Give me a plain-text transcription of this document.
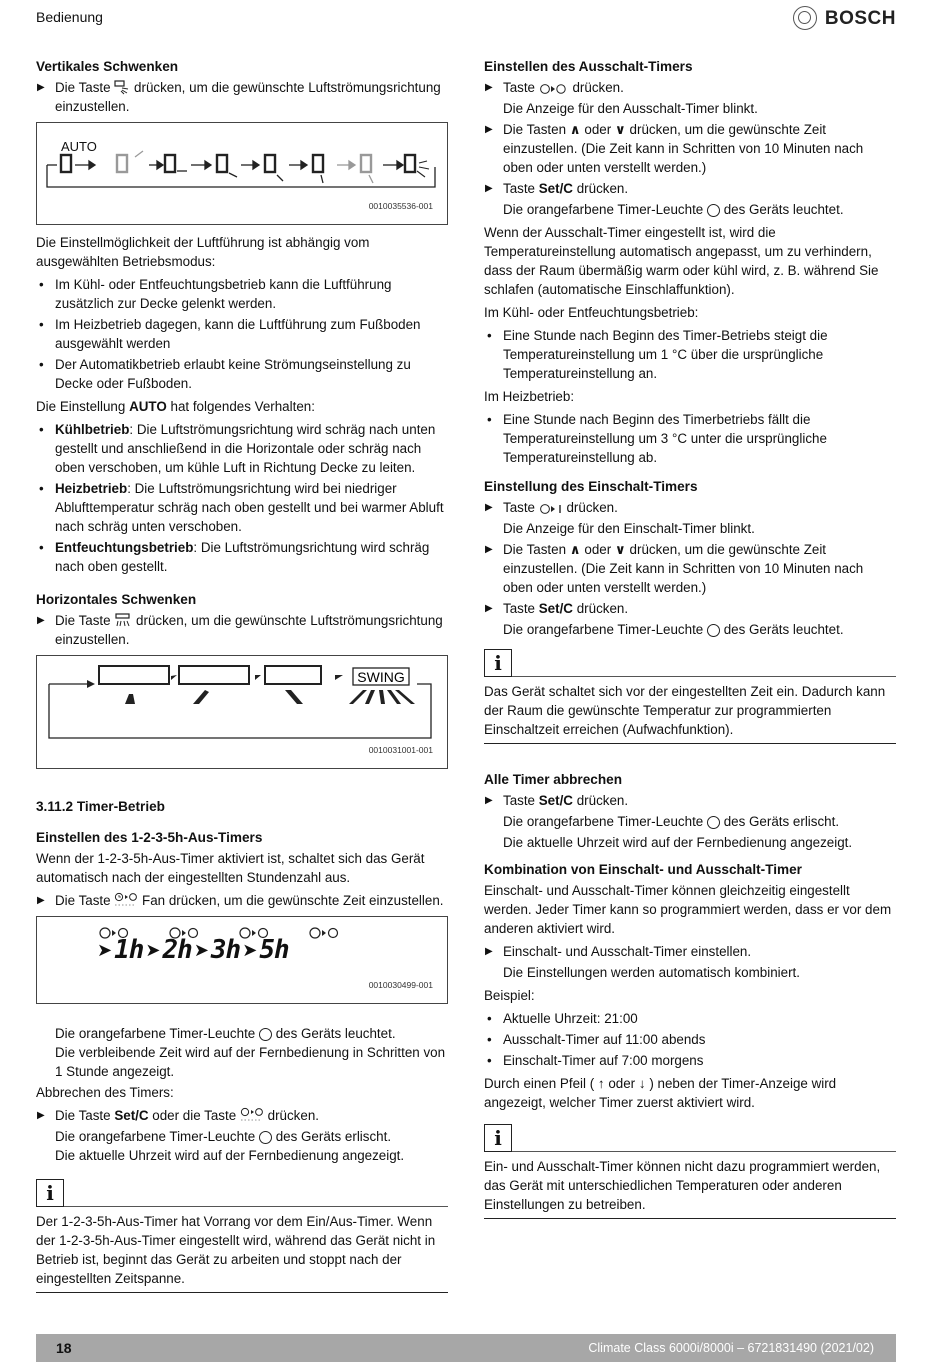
Bedienung	BOSCH
Vertikales Schwenken
▶ Die Taste drücken, um die gewünschte Luftströmungsrichtung einzustellen.
AUTO
0010035536-001

Die Einstellmöglichkeit der Luftführung ist abhängig vom ausgewählten Betriebsmodus:

• Im Kühl- oder Entfeuchtungsbetrieb kann die Luftführung zusätzlich zur Decke gelenkt werden.
• Im Heizbetrieb dagegen, kann die Luftführung zum Fußboden ausgewählt werden
• Der Automatikbetrieb erlaubt keine Strömungseinstellung zu Decke oder Fußboden.

Die Einstellung AUTO hat folgendes Verhalten:

• Kühlbetrieb: Die Luftströmungsrichtung wird schräg nach unten gestellt und anschließend in die Horizontale oder schräg nach oben verschoben, um kühle Luft in Richtung Decke zu leiten.
• Heizbetrieb: Die Luftströmungsrichtung wird bei niedriger Ablufttemperatur schräg nach oben gestellt und bei warmer Abluft nach schräg unten verschoben.
• Entfeuchtungsbetrieb: Die Luftströmungsrichtung wird schräg nach oben gestellt.
Horizontales Schwenken
▶ Die Taste drücken, um die gewünschte Luftströmungsrichtung einzustellen.
SWING
0010031001-001
3.11.2 Timer-Betrieb
Einstellen des 1-2-3-5h-Aus-Timers

Wenn der 1-2-3-5h-Aus-Timer aktiviert ist, schaltet sich das Gerät automatisch nach der eingestellten Stundenzahl aus.

▶ Die Taste Fan drücken, um die gewünschte Zeit einzustellen.
➤ 1h ➤ 2h ➤ 3h ➤ 5h
0010030499-001
Die orangefarbene Timer-Leuchte des Geräts leuchtet.
Die verbleibende Zeit wird auf der Fernbedienung in Schritten von 1 Stunde angezeigt.

Abbrechen des Timers:

▶ Die Taste Set/C oder die Taste drücken.
Die orangefarbene Timer-Leuchte des Geräts erlischt.
Die aktuelle Uhrzeit wird auf der Fernbedienung angezeigt.
i
Der 1-2-3-5h-Aus-Timer hat Vorrang vor dem Ein/Aus-Timer. Wenn der 1-2-3-5h-Aus-Timer eingestellt wird, während das Gerät nicht in Betrieb ist, beginnt das Gerät zu arbeiten und stoppt nach der eingestellten Zeitspanne.
Einstellen des Ausschalt-Timers
▶ Taste	drücken.
Die Anzeige für den Ausschalt-Timer blinkt.
▶ Die Tasten ∧ oder ∨ drücken, um die gewünschte Zeit einzustellen. (Die Zeit kann in Schritten von 10 Minuten nach oben oder unten verstellt werden.)
▶ Taste Set/C drücken.
Die orangefarbene Timer-Leuchte des Geräts leuchtet.

Wenn der Ausschalt-Timer eingestellt ist, wird die Temperatureinstellung automatisch angepasst, um zu verhindern, dass der Raum übermäßig warm oder kühl wird, z. B. während Sie schlafen (automatische Einschlaffunktion).

Im Kühl- oder Entfeuchtungsbetrieb:

• Eine Stunde nach Beginn des Timer-Betriebs steigt die Temperatureinstellung um 1 °C über die ursprüngliche Temperatureinstellung an.

Im Heizbetrieb:

• Eine Stunde nach Beginn des Timerbetriebs fällt die Temperatureinstellung um 3 °C unter die ursprüngliche Temperatureinstellung ab.
Einstellung des Einschalt-Timers
▶ Taste drücken.
Die Anzeige für den Einschalt-Timer blinkt.
▶ Die Tasten ∧ oder ∨ drücken, um die gewünschte Zeit einzustellen. (Die Zeit kann in Schritten von 10 Minuten nach oben oder unten verstellt werden.)
▶ Taste Set/C drücken.
Die orangefarbene Timer-Leuchte des Geräts leuchtet.
i
Das Gerät schaltet sich vor der eingestellten Zeit ein. Dadurch kann der Raum die gewünschte Temperatur zur programmierten Einschaltzeit erreichen (Aufwachfunktion).
Alle Timer abbrechen
▶ Taste Set/C drücken.
Die orangefarbene Timer-Leuchte des Geräts erlischt.
Die aktuelle Uhrzeit wird auf der Fernbedienung angezeigt.
Kombination von Einschalt- und Ausschalt-Timer

Einschalt- und Ausschalt-Timer können gleichzeitig eingestellt werden. Jeder Timer kann so programmiert werden, dass er vor dem anderen aktiviert wird.

▶ Einschalt- und Ausschalt-Timer einstellen.
Die Einstellungen werden automatisch kombiniert.

Beispiel:

• Aktuelle Uhrzeit: 21:00
• Ausschalt-Timer auf 11:00 abends
• Einschalt-Timer auf 7:00 morgens

Durch einen Pfeil ( ↑ oder ↓ ) neben der Timer-Anzeige wird angezeigt, welcher Timer zuerst aktiviert wird.

i
Ein- und Ausschalt-Timer können nicht dazu programmiert werden, das Gerät mit unterschiedlichen Temperaturen oder anderen Einstellungen zu betreiben.
18	Climate Class 6000i/8000i – 6721831490 (2021/02)
